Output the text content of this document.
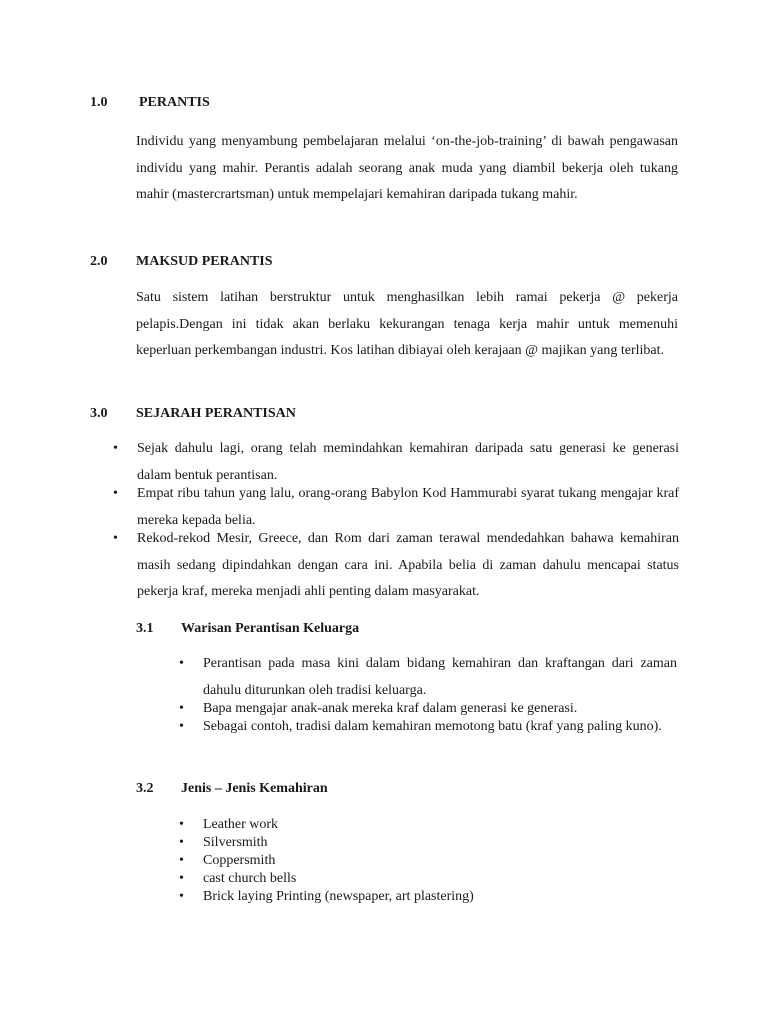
1.0 PERANTIS
Individu yang menyambung pembelajaran melalui ‘on-the-job-training’ di bawah pengawasan individu yang mahir. Perantis adalah seorang anak muda yang diambil bekerja oleh tukang mahir (mastercrartsman) untuk mempelajari kemahiran daripada tukang mahir.
2.0 MAKSUD PERANTIS
Satu sistem latihan berstruktur untuk menghasilkan lebih ramai pekerja @ pekerja pelapis.Dengan ini tidak akan berlaku kekurangan tenaga kerja mahir untuk memenuhi keperluan perkembangan industri. Kos latihan dibiayai oleh kerajaan @ majikan yang terlibat.
3.0 SEJARAH PERANTISAN
• Sejak dahulu lagi, orang telah memindahkan kemahiran daripada satu generasi ke generasi dalam bentuk perantisan.
• Empat ribu tahun yang lalu, orang-orang Babylon Kod Hammurabi syarat tukang mengajar kraf mereka kepada belia.
• Rekod-rekod Mesir, Greece, dan Rom dari zaman terawal mendedahkan bahawa kemahiran masih sedang dipindahkan dengan cara ini. Apabila belia di zaman dahulu mencapai status pekerja kraf, mereka menjadi ahli penting dalam masyarakat.
3.1 Warisan Perantisan Keluarga
• Perantisan pada masa kini dalam bidang kemahiran dan kraftangan dari zaman dahulu diturunkan oleh tradisi keluarga.
• Bapa mengajar anak-anak mereka kraf dalam generasi ke generasi.
• Sebagai contoh, tradisi dalam kemahiran memotong batu (kraf yang paling kuno).
3.2 Jenis – Jenis Kemahiran
• Leather work
• Silversmith
• Coppersmith
• cast church bells
• Brick laying Printing (newspaper, art plastering)
